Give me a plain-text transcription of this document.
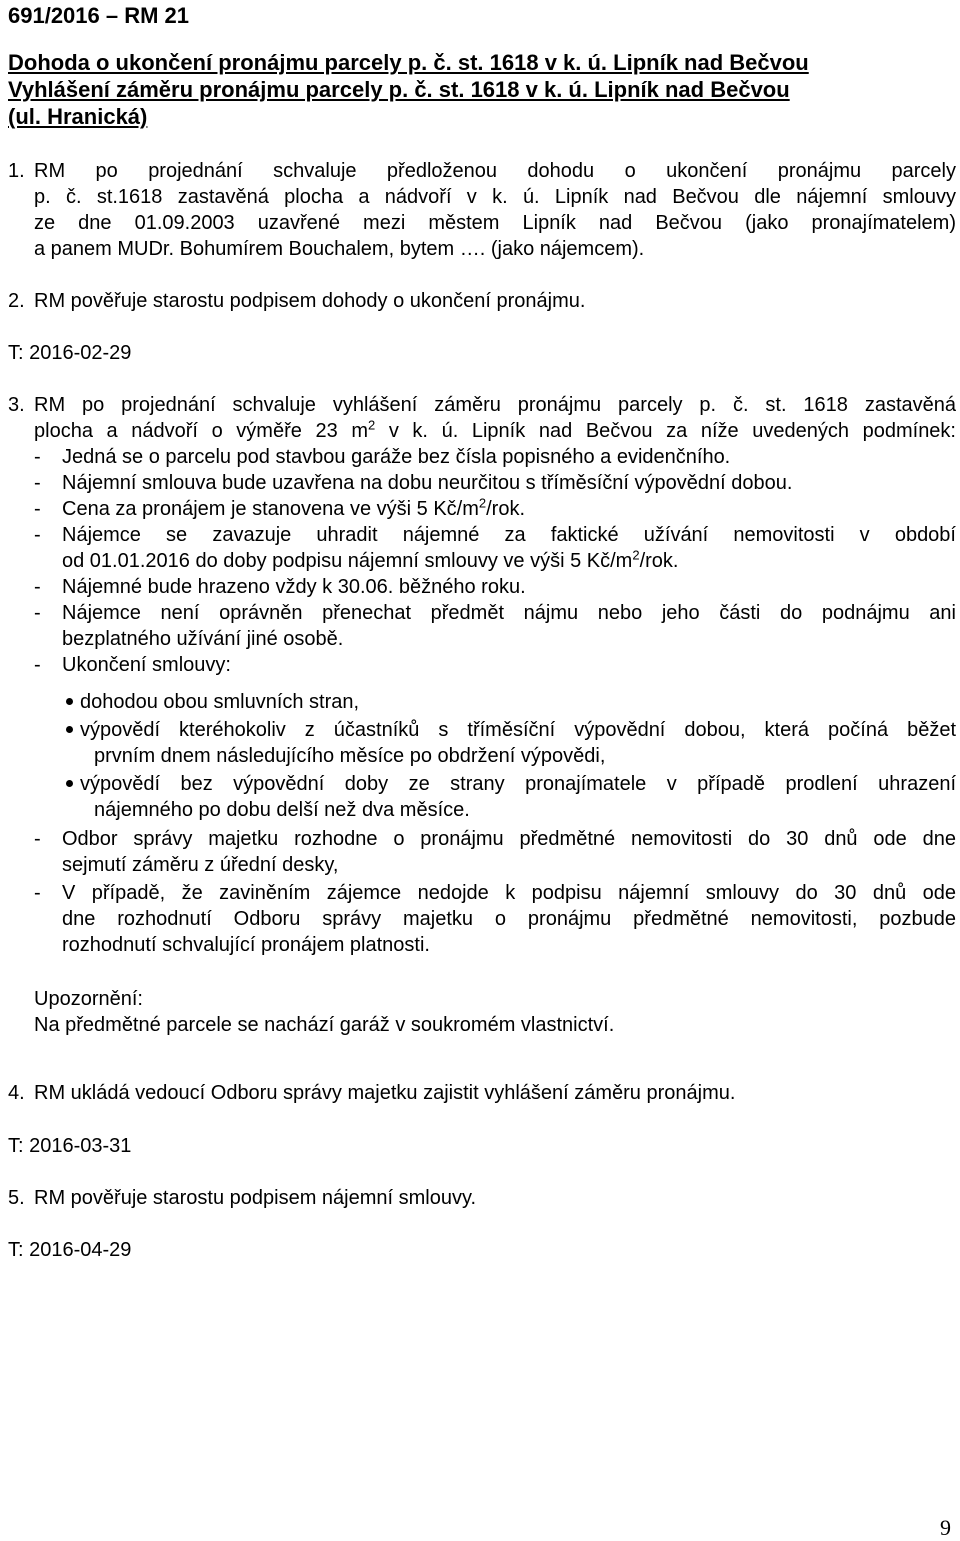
691/2016 – RM 21
Dohoda o ukončení pronájmu parcely p. č. st. 1618 v k. ú. Lipník nad Bečvou
Vyhlášení záměru pronájmu parcely p. č. st. 1618 v k. ú. Lipník nad Bečvou
(ul. Hranická)
1. RM po projednání schvaluje předloženou dohodu o ukončení pronájmu parcely
p. č. st.1618 zastavěná plocha a nádvoří v k. ú. Lipník nad Bečvou dle nájemní smlouvy
ze dne 01.09.2003 uzavřené mezi městem Lipník nad Bečvou (jako pronajímatelem)
a panem MUDr. Bohumírem Bouchalem, bytem …. (jako nájemcem).
2. RM pověřuje starostu podpisem dohody o ukončení pronájmu.
T: 2016-02-29
3. RM po projednání schvaluje vyhlášení záměru pronájmu parcely p. č. st. 1618 zastavěná
plocha a nádvoří o výměře 23 $m^2$ v k. ú. Lipník nad Bečvou za níže uvedených podmínek:
- Jedná se o parcelu pod stavbou garáže bez čísla popisného a evidenčního.
- Nájemní smlouva bude uzavřena na dobu neurčitou s tříměsíční výpovědní dobou.
- Cena za pronájem je stanovena ve výši 5 $Kč/m^2$/rok.
- Nájemce se zavazuje uhradit nájemné za faktické užívání nemovitosti v období
od 01.01.2016 do doby podpisu nájemní smlouvy ve výši 5 $Kč/m^2$/rok.
- Nájemné bude hrazeno vždy k 30.06. běžného roku.
- Nájemce není oprávněn přenechat předmět nájmu nebo jeho části do podnájmu ani
bezplatného užívání jiné osobě.
- Ukončení smlouvy:
dohodou obou smluvních stran,
výpovědí kteréhokoliv z účastníků s tříměsíční výpovědní dobou, která počíná běžet
prvním dnem následujícího měsíce po obdržení výpovědi,
výpovědí bez výpovědní doby ze strany pronajímatele v případě prodlení uhrazení
nájemného po dobu delší než dva měsíce.
- Odbor správy majetku rozhodne o pronájmu předmětné nemovitosti do 30 dnů ode dne
sejmutí záměru z úřední desky,
- V případě, že zaviněním zájemce nedojde k podpisu nájemní smlouvy do 30 dnů ode
dne rozhodnutí Odboru správy majetku o pronájmu předmětné nemovitosti, pozbude
rozhodnutí schvalující pronájem platnosti.
Upozornění:
Na předmětné parcele se nachází garáž v soukromém vlastnictví.
4. RM ukládá vedoucí Odboru správy majetku zajistit vyhlášení záměru pronájmu.
T: 2016-03-31
5. RM pověřuje starostu podpisem nájemní smlouvy.
T: 2016-04-29
9
